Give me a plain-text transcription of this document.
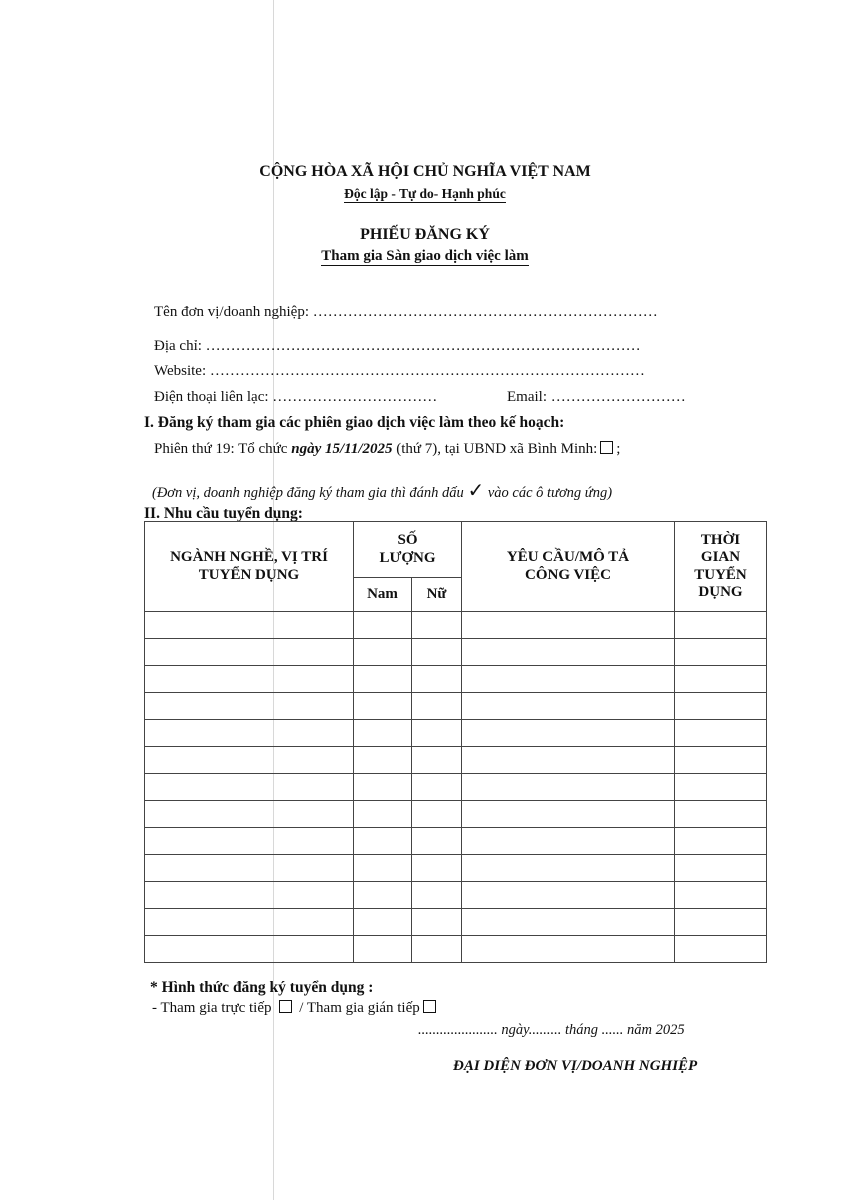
CỘNG HÒA XÃ HỘI CHỦ NGHĨA VIỆT NAM
Độc lập - Tự do- Hạnh phúc
PHIẾU ĐĂNG KÝ
Tham gia Sàn giao dịch việc làm
Tên đơn vị/doanh nghiệp: ……………………………………………………………
Địa chỉ: ……………………………………………………………………………
Website: ……………………………………………………………………………
Điện thoại liên lạc: ……………………………	Email: ………………………
I. Đăng ký tham gia các phiên giao dịch việc làm theo kế hoạch:
Phiên thứ 19: Tổ chức ngày 15/11/2025 (thứ 7), tại UBND xã Bình Minh: ;
(Đơn vị, doanh nghiệp đăng ký tham gia thì đánh dấu ✓ vào các ô tương ứng)
II. Nhu cầu tuyển dụng:
NGÀNH NGHỀ, VỊ TRÍ TUYỂN DỤNG	SỐ LƯỢNG		YÊU CẦU/MÔ TẢ CÔNG VIỆC	THỜI GIAN TUYỂN DỤNG
	Nam	Nữ		

* Hình thức đăng ký tuyển dụng :
- Tham gia trực tiếp / Tham gia gián tiếp
...................... ngày......... tháng ...... năm 2025
ĐẠI DIỆN ĐƠN VỊ/DOANH NGHIỆP
